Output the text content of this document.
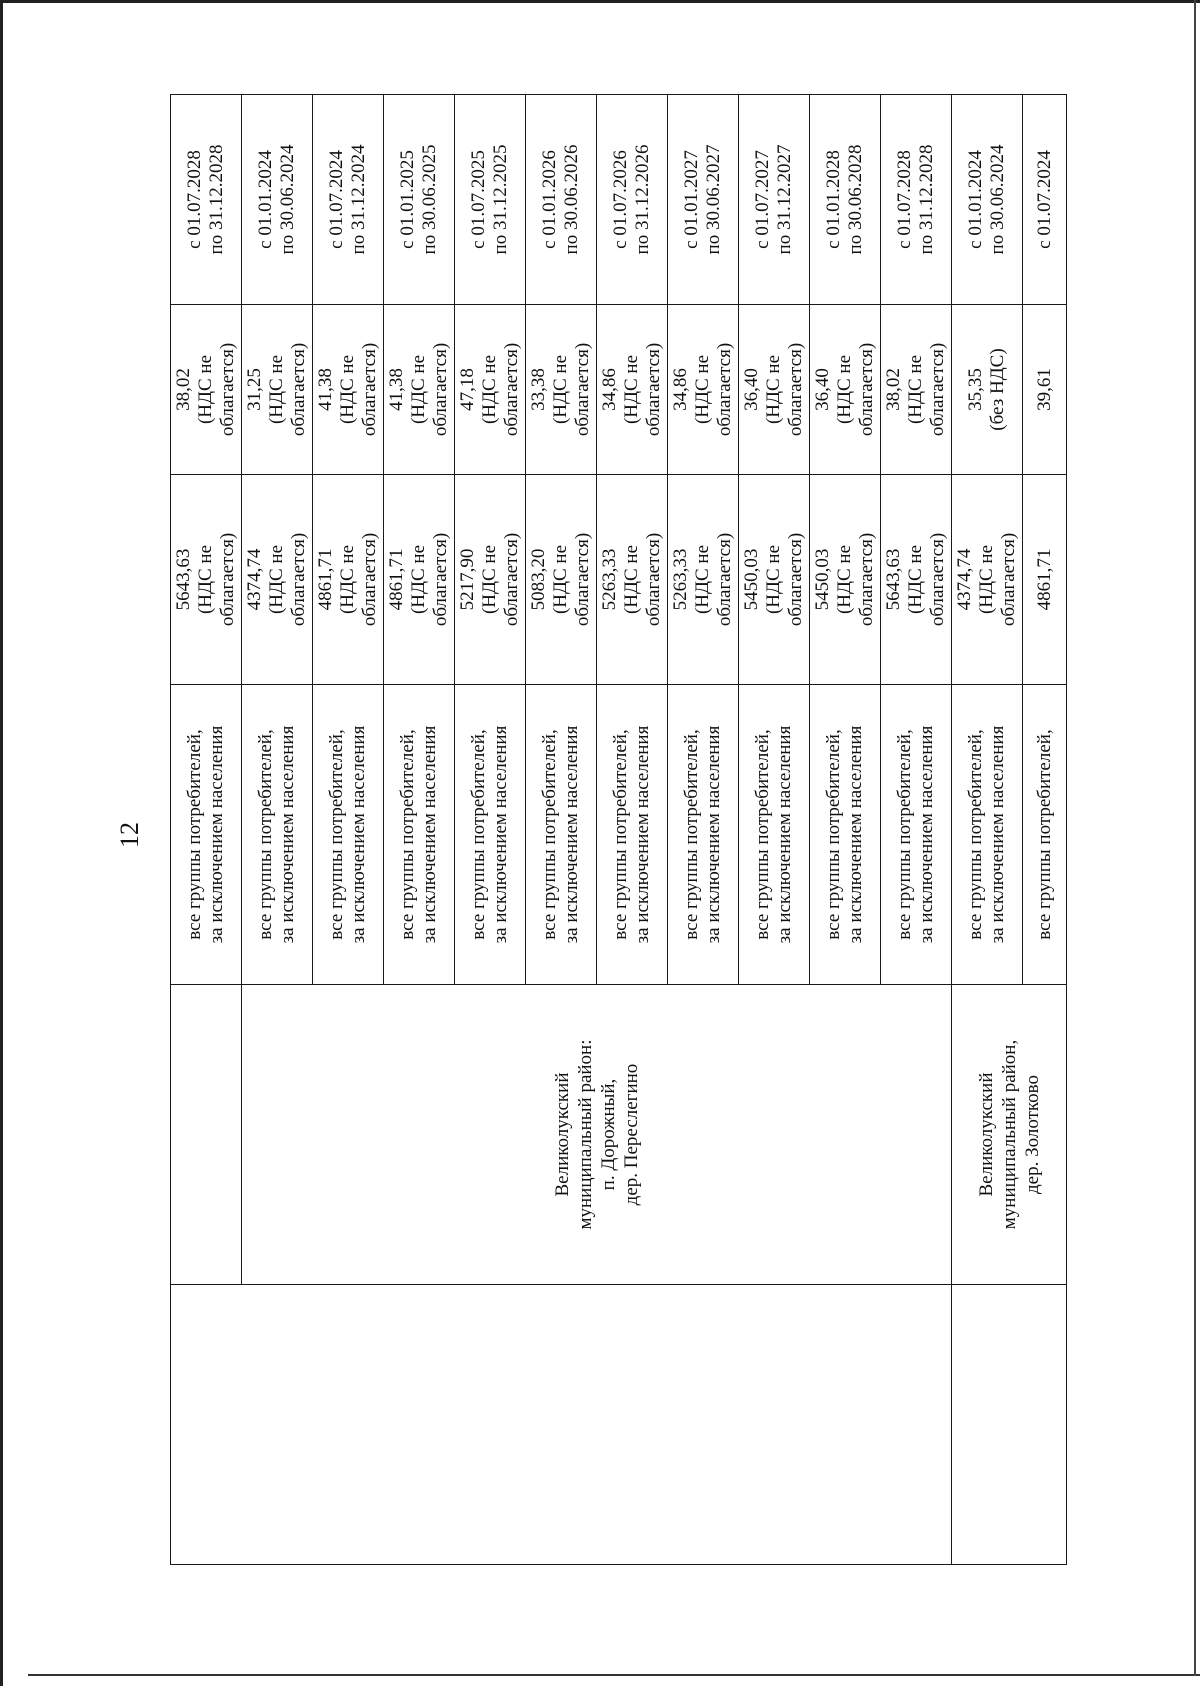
12
			все группы потребителей,
за исключением населения	5643,63
(НДС не
облагается)	38,02
(НДС не
облагается)	с 01.07.2028
по 31.12.2028
	Великолукский муниципальный район: п. Дорожный, дер. Переслегино	все группы потребителей,
за исключением населения	4374,74
(НДС не
облагается)	31,25
(НДС не
облагается)	с 01.01.2024
по 30.06.2024
		все группы потребителей,
за исключением населения	4861,71
(НДС не
облагается)	41,38
(НДС не
облагается)	с 01.07.2024
по 31.12.2024
		все группы потребителей,
за исключением населения	4861,71
(НДС не
облагается)	41,38
(НДС не
облагается)	с 01.01.2025
по 30.06.2025
		все группы потребителей,
за исключением населения	5217,90
(НДС не
облагается)	47,18
(НДС не
облагается)	с 01.07.2025
по 31.12.2025
		все группы потребителей,
за исключением населения	5083,20
(НДС не
облагается)	33,38
(НДС не
облагается)	с 01.01.2026
по 30.06.2026
		все группы потребителей,
за исключением населения	5263,33
(НДС не
облагается)	34,86
(НДС не
облагается)	с 01.07.2026
по 31.12.2026
		все группы потребителей,
за исключением населения	5263,33
(НДС не
облагается)	34,86
(НДС не
облагается)	с 01.01.2027
по 30.06.2027
		все группы потребителей,
за исключением населения	5450,03
(НДС не
облагается)	36,40
(НДС не
облагается)	с 01.07.2027
по 31.12.2027
		все группы потребителей,
за исключением населения	5450,03
(НДС не
облагается)	36,40
(НДС не
облагается)	с 01.01.2028
по 30.06.2028
		все группы потребителей,
за исключением населения	5643,63
(НДС не
облагается)	38,02
(НДС не
облагается)	с 01.07.2028
по 31.12.2028
	Великолукский муниципальный район, дер. Золотково	все группы потребителей,
за исключением населения	4374,74
(НДС не
облагается)	35,35
(без НДС)	с 01.01.2024
по 30.06.2024
		все группы потребителей,	4861,71	39,61	с 01.07.2024
